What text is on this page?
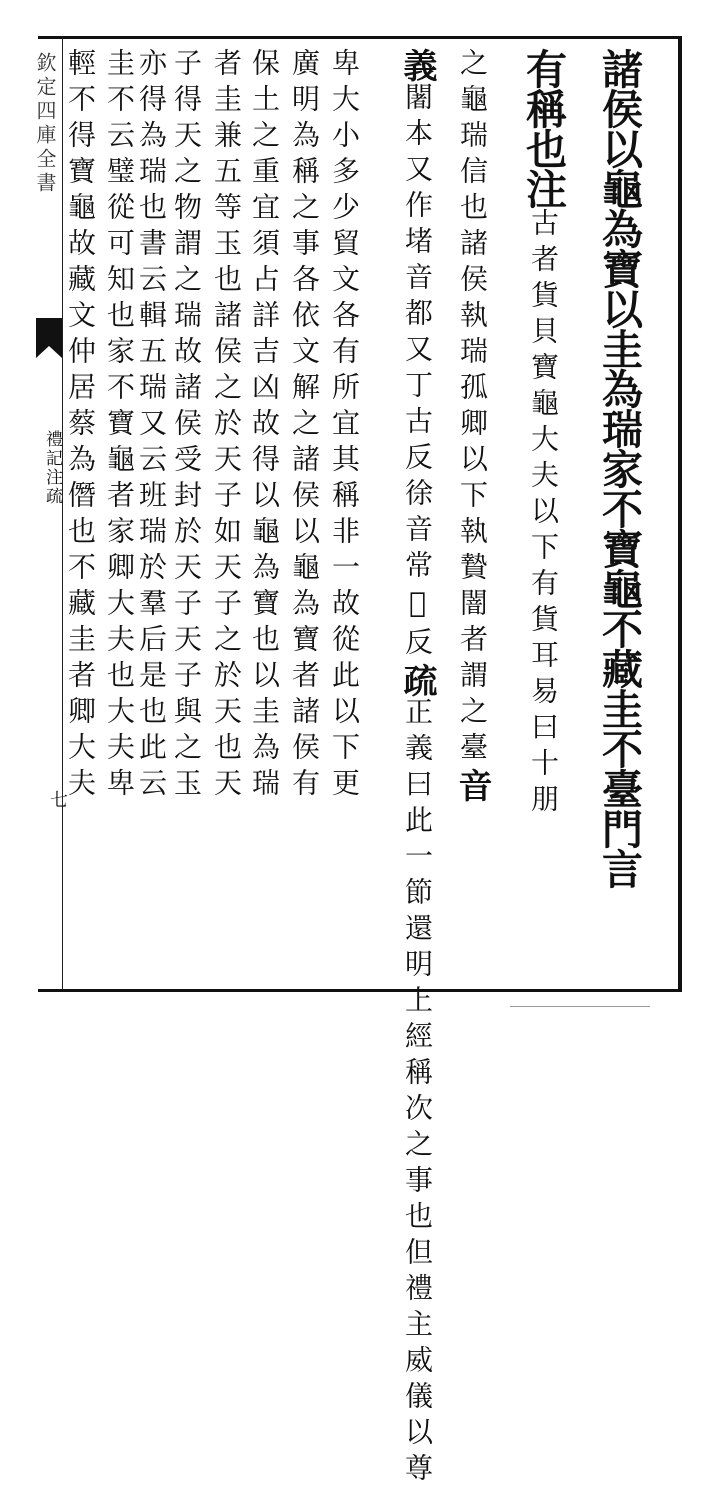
欽定四庫全書
禮記注疏
七	諸侯以龜為寶以圭為瑞家不寶龜不藏圭不臺門言
有稱也注古者貨貝寶龜大夫以下有貨耳易曰十朋
之龜瑞信也諸侯執瑞孤卿以下執贄闇者謂之臺音
義闍本又作堵音都又丁古反徐音常𤓰反疏正義曰此一節還明上經稱次之事也但禮主威儀以尊
卑大小多少貿文各有所宜其稱非一故從此以下更
廣明為稱之事各依文解之諸侯以龜為寶者諸侯有
保土之重宜須占詳吉凶故得以龜為寶也以圭為瑞
者圭兼五等玉也諸侯之於天子如天子之於天也天
子得天之物謂之瑞故諸侯受封於天子天子與之玉
亦得為瑞也書云輯五瑞又云班瑞於羣后是也此云
圭不云璧從可知也家不寶龜者家卿大夫也大夫卑
輕不得寶龜故藏文仲居蔡為僭也不藏圭者卿大夫
